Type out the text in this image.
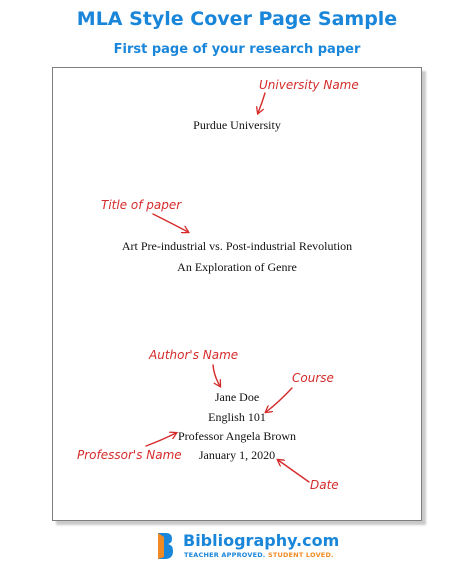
MLA Style Cover Page Sample
First page of your research paper
Purdue University
Art Pre-industrial vs. Post-industrial Revolution
An Exploration of Genre
Jane Doe
English 101
Professor Angela Brown
January 1, 2020
University Name
Title of paper
Author's Name
Course
Professor's Name
Date
Bibliography.com
TEACHER APPROVED. STUDENT LOVED.
